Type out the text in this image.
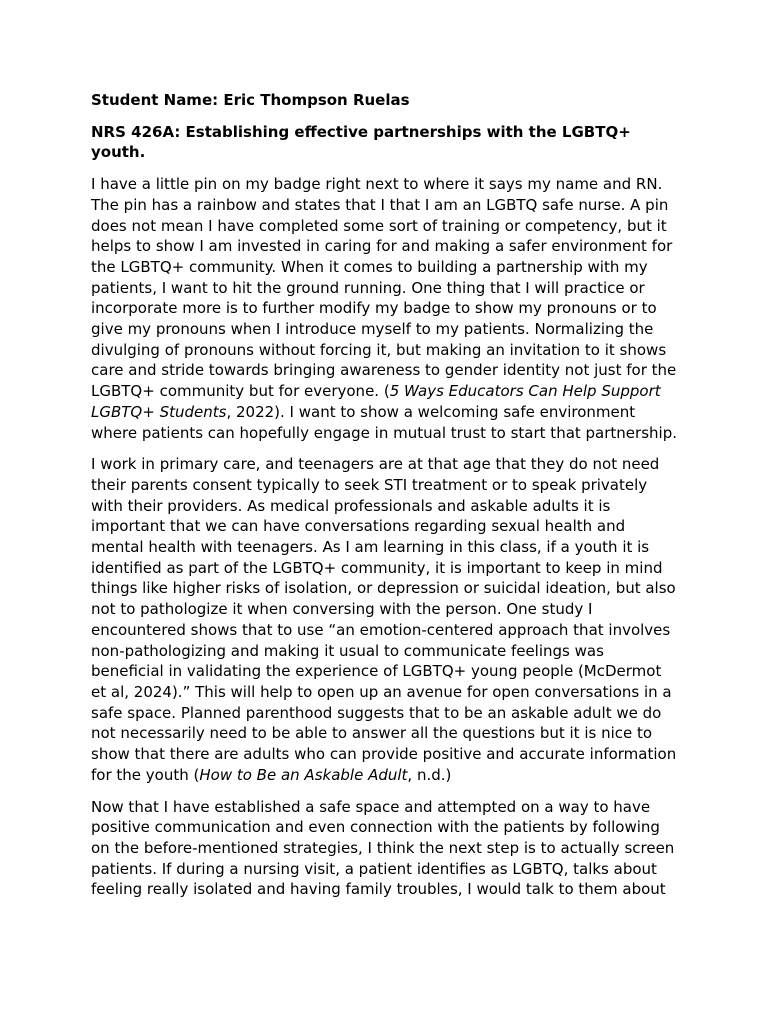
Student Name: Eric Thompson Ruelas

NRS 426A: Establishing effective partnerships with the LGBTQ+ youth.

I have a little pin on my badge right next to where it says my name and RN. The pin has a rainbow and states that I that I am an LGBTQ safe nurse. A pin does not mean I have completed some sort of training or competency, but it helps to show I am invested in caring for and making a safer environment for the LGBTQ+ community. When it comes to building a partnership with my patients, I want to hit the ground running. One thing that I will practice or incorporate more is to further modify my badge to show my pronouns or to give my pronouns when I introduce myself to my patients. Normalizing the divulging of pronouns without forcing it, but making an invitation to it shows care and stride towards bringing awareness to gender identity not just for the LGBTQ+ community but for everyone. (5 Ways Educators Can Help Support LGBTQ+ Students, 2022). I want to show a welcoming safe environment where patients can hopefully engage in mutual trust to start that partnership.

I work in primary care, and teenagers are at that age that they do not need their parents consent typically to seek STI treatment or to speak privately with their providers. As medical professionals and askable adults it is important that we can have conversations regarding sexual health and mental health with teenagers. As I am learning in this class, if a youth it is identified as part of the LGBTQ+ community, it is important to keep in mind things like higher risks of isolation, or depression or suicidal ideation, but also not to pathologize it when conversing with the person. One study I encountered shows that to use “an emotion-centered approach that involves non-pathologizing and making it usual to communicate feelings was beneficial in validating the experience of LGBTQ+ young people (McDermot et al, 2024).” This will help to open up an avenue for open conversations in a safe space. Planned parenthood suggests that to be an askable adult we do not necessarily need to be able to answer all the questions but it is nice to show that there are adults who can provide positive and accurate information for the youth (How to Be an Askable Adult, n.d.)

Now that I have established a safe space and attempted on a way to have positive communication and even connection with the patients by following on the before-mentioned strategies, I think the next step is to actually screen patients. If during a nursing visit, a patient identifies as LGBTQ, talks about feeling really isolated and having family troubles, I would talk to them about
